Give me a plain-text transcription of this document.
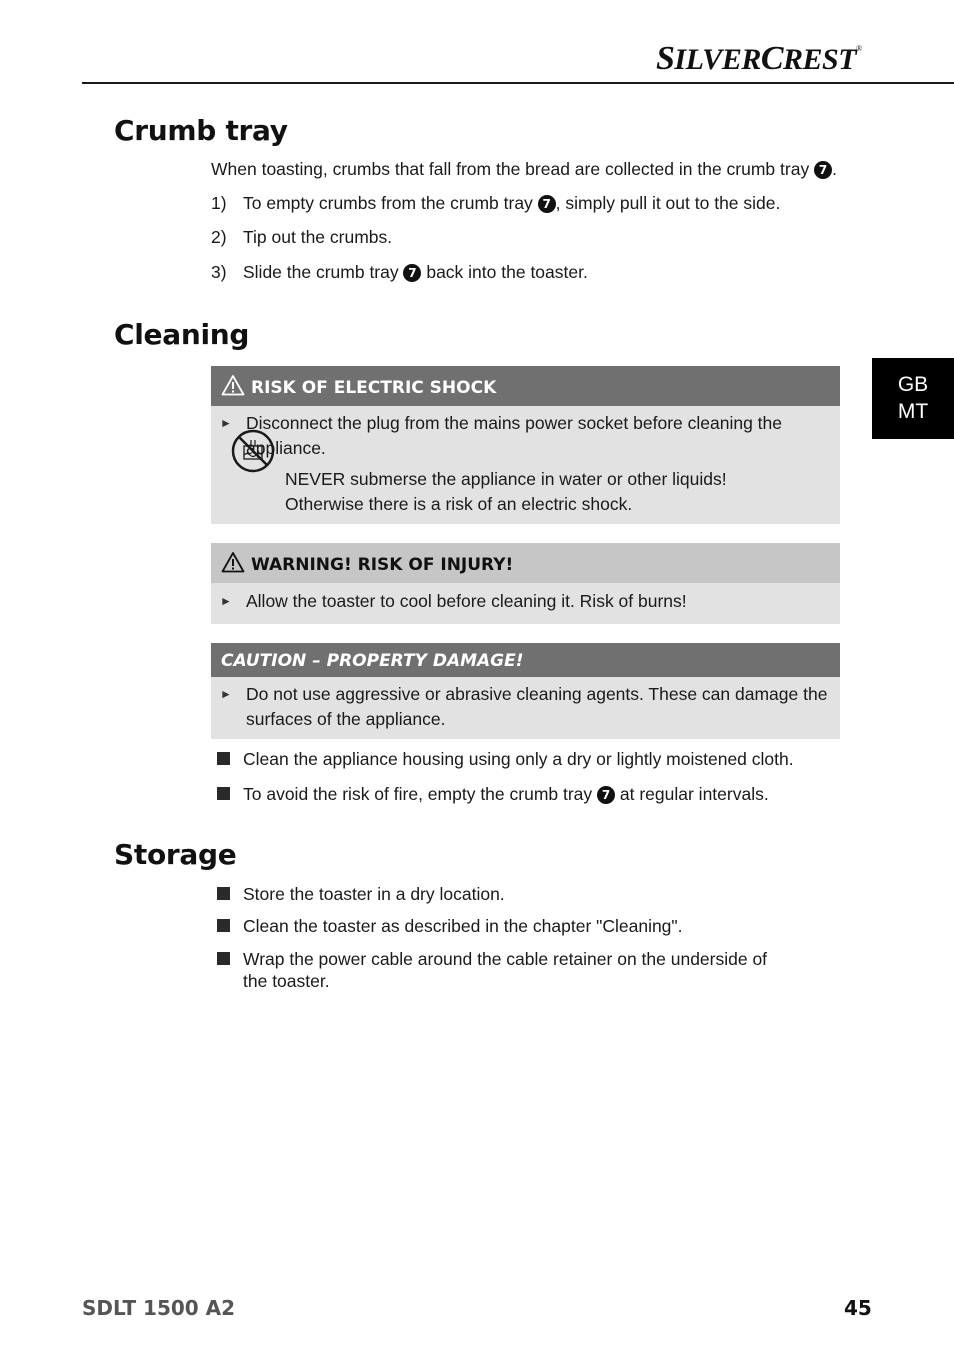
SILVERCREST®
GB
MT
Crumb tray
When toasting, crumbs that fall from the bread are collected in the crumb tray 7 .
1) To empty crumbs from the crumb tray 7 , simply pull it out to the side.
2) Tip out the crumbs.
3) Slide the crumb tray 7 back into the toaster.
Cleaning
RISK OF ELECTRIC SHOCK
► Disconnect the plug from the mains power socket before cleaning the
appliance.
NEVER submerse the appliance in water or other liquids!
Otherwise there is a risk of an electric shock.
WARNING! RISK OF INJURY!
► Allow the toaster to cool before cleaning it. Risk of burns!
CAUTION – PROPERTY DAMAGE!
► Do not use aggressive or abrasive cleaning agents. These can damage the
surfaces of the appliance.
Clean the appliance housing using only a dry or lightly moistened cloth.
To avoid the risk of fire, empty the crumb tray 7 at regular intervals.
Storage
Store the toaster in a dry location.
Clean the toaster as described in the chapter "Cleaning".
Wrap the power cable around the cable retainer on the underside of
the toaster.
SDLT 1500 A2	45
